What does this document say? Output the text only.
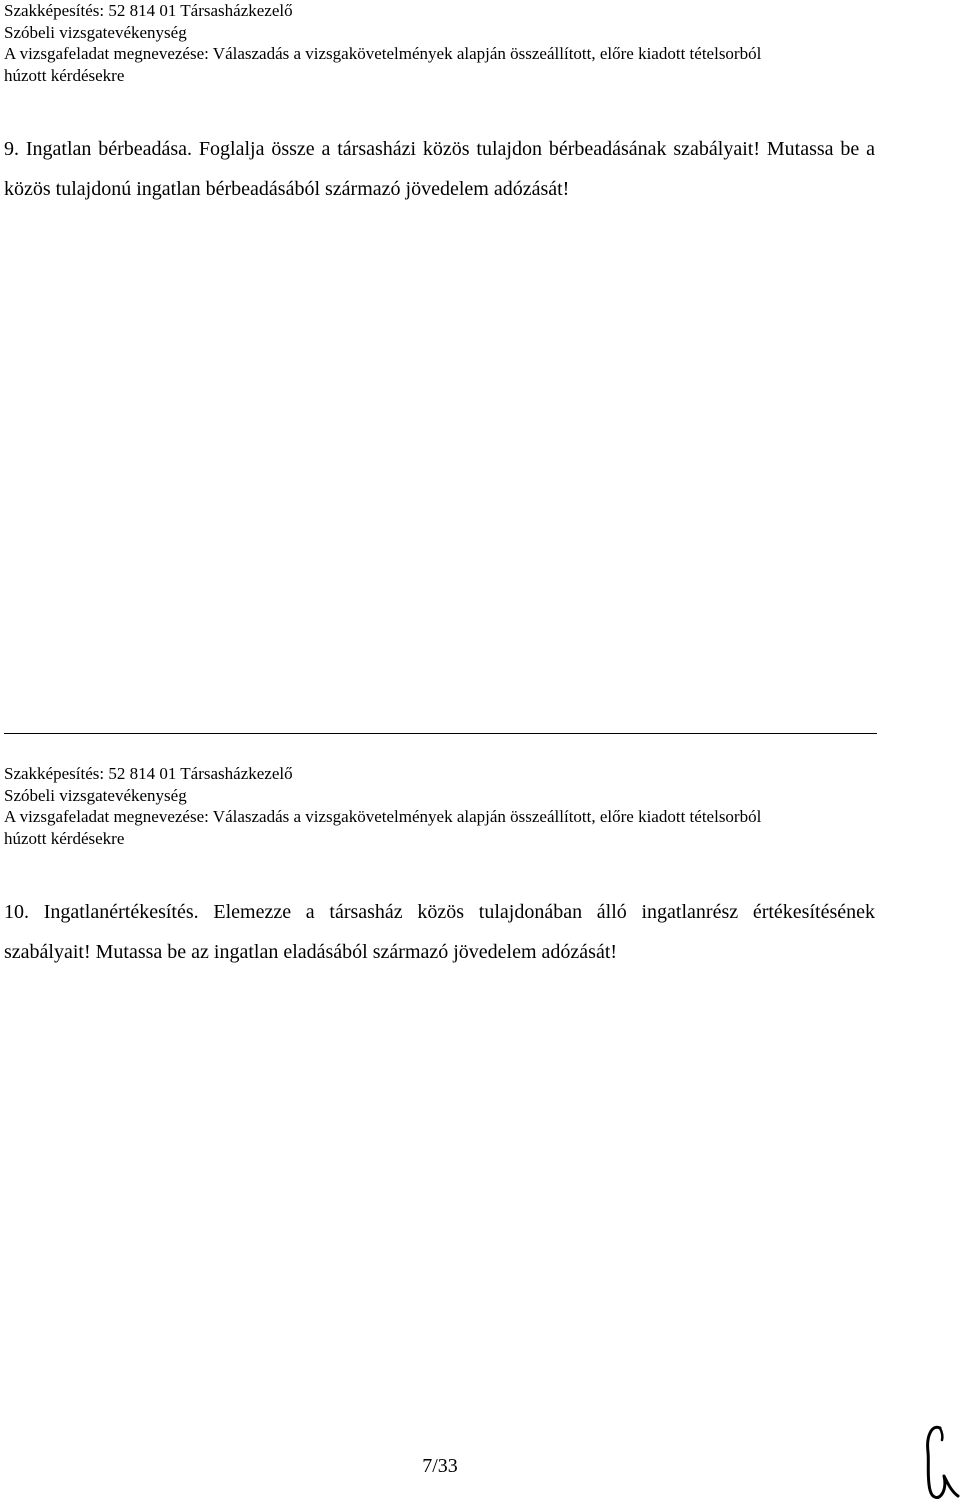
Szakképesítés: 52 814 01 Társasházkezelő
Szóbeli vizsgatevékenység
A vizsgafeladat megnevezése: Válaszadás a vizsgakövetelmények alapján összeállított, előre kiadott tételsorból
húzott kérdésekre
9. Ingatlan bérbeadása. Foglalja össze a társasházi közös tulajdon bérbeadásának szabályait! Mutassa be a közös tulajdonú ingatlan bérbeadásából származó jövedelem adózását!
Szakképesítés: 52 814 01 Társasházkezelő
Szóbeli vizsgatevékenység
A vizsgafeladat megnevezése: Válaszadás a vizsgakövetelmények alapján összeállított, előre kiadott tételsorból
húzott kérdésekre
10. Ingatlanértékesítés. Elemezze a társasház közös tulajdonában álló ingatlanrész értékesítésének szabályait! Mutassa be az ingatlan eladásából származó jövedelem adózását!
7/33
